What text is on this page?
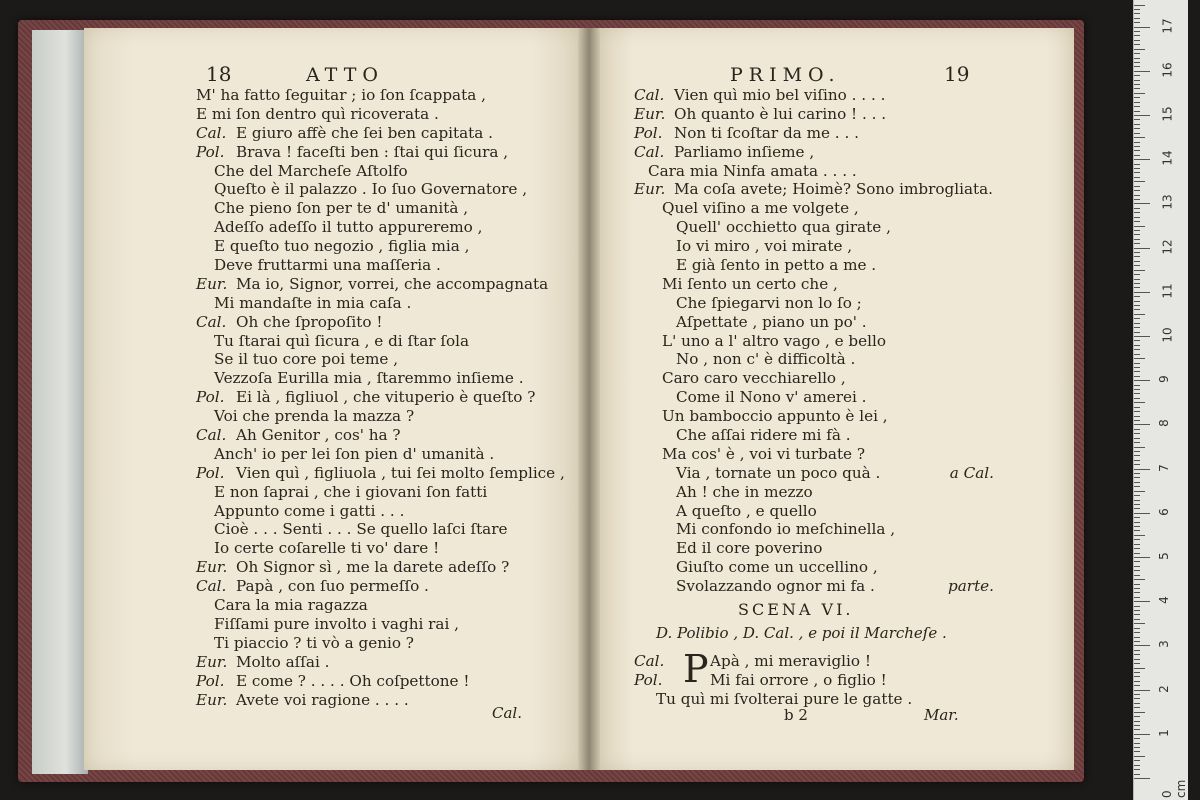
18	ATTO	PRIMO.	19
M' ha fatto ſeguitar ; io ſon ſcappata ,
E mi ſon dentro quì ricoverata .
Cal. E giuro affè che ſei ben capitata .
Pol. Brava ! faceſti ben : ſtai qui ſicura ,
Che del Marcheſe Aſtolfo
Queſto è il palazzo . Io ſuo Governatore ,
Che pieno ſon per te d' umanità ,
Adeſſo adeſſo il tutto appureremo ,
E queſto tuo negozio , figlia mia ,
Deve fruttarmi una maſſeria .
Eur. Ma io, Signor, vorrei, che accompagnata
Mi mandaſte in mia caſa .
Cal. Oh che ſpropoſito !
Tu ſtarai quì ſicura , e di ſtar ſola
Se il tuo core poi teme ,
Vezzoſa Eurilla mia , ſtaremmo inſieme .
Pol. Ei là , figliuol , che vituperio è queſto ?
Voi che prenda la mazza ?
Cal. Ah Genitor , cos' ha ?
Anch' io per lei ſon pien d' umanità .
Pol. Vien quì , figliuola , tui ſei molto ſemplice ,
E non ſaprai , che i giovani ſon fatti
Appunto come i gatti . . .
Cioè . . . Senti . . . Se quello laſci ſtare
Io certe coſarelle ti vo' dare !
Eur. Oh Signor sì , me la darete adeſſo ?
Cal. Papà , con ſuo permeſſo .
Cara la mia ragazza
Fiſſami pure involto i vaghi rai ,
Ti piaccio ? ti vò a genio ?
Eur. Molto aſſai .
Pol. E come ? . . . . Oh coſpettone !
Eur. Avete voi ragione . . . .
Cal. Vien quì mio bel viſino . . . .
Eur. Oh quanto è lui carino ! . . .
Pol. Non ti ſcoſtar da me . . .
Cal. Parliamo inſieme ,
Cara mia Ninfa amata . . . .
Eur. Ma coſa avete; Hoimè? Sono imbrogliata.
Quel viſino a me volgete ,
Quell' occhietto qua girate ,
Io vi miro , voi mirate ,
E già ſento in petto a me .
Mi ſento un certo che ,
Che ſpiegarvi non lo ſo ;
Aſpettate , piano un po' .
L' uno a l' altro vago , e bello
No , non c' è difficoltà .
Caro caro vecchiarello ,
Come il Nono v' amerei .
Un bamboccio appunto è lei ,
Che aſſai ridere mi fà .
Ma cos' è , voi vi turbate ?
Via , tornate un poco quà .	a Cal.
Ah ! che in mezzo
A queſto , e quello
Mi confondo io meſchinella ,
Ed il core poverino
Giuſto come un uccellino ,
Svolazzando ognor mi fa .	parte.
SCENA VI.
D. Polibio , D. Cal. , e poi il Marcheſe .
P
Cal.	Apà , mi meraviglio !
Pol.	Mi fai orrore , o figlio !
Tu quì mi ſvolterai pure le gatte .
Cal.	b 2	Mar.
0 cm
1
2
3
4
5
6
7
8
9
10
11
12
13
14
15
16
17
